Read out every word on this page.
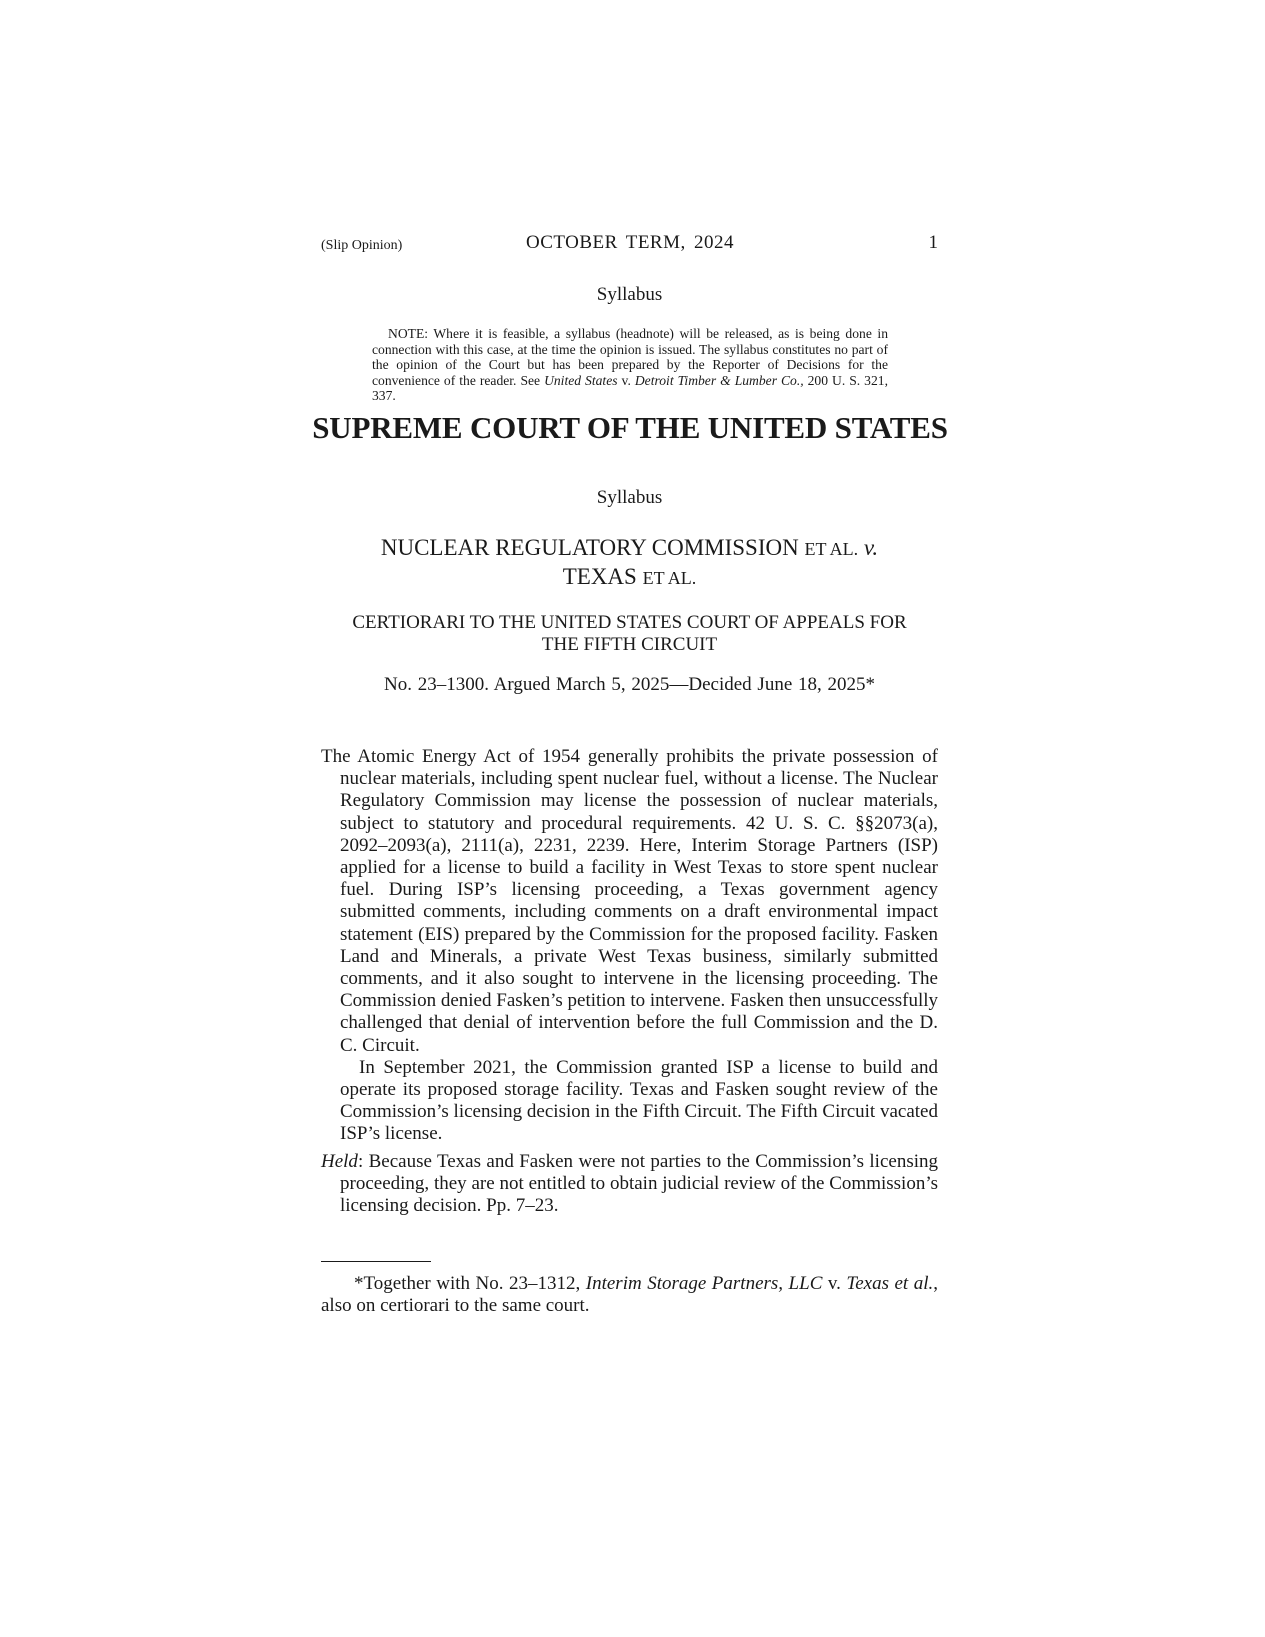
(Slip Opinion)	OCTOBER TERM, 2024	1
Syllabus
NOTE: Where it is feasible, a syllabus (headnote) will be released, as is being done in connection with this case, at the time the opinion is issued. The syllabus constitutes no part of the opinion of the Court but has been prepared by the Reporter of Decisions for the convenience of the reader. See United States v. Detroit Timber & Lumber Co., 200 U. S. 321, 337.
SUPREME COURT OF THE UNITED STATES
Syllabus
NUCLEAR REGULATORY COMMISSION ET AL. v.
TEXAS ET AL.
CERTIORARI TO THE UNITED STATES COURT OF APPEALS FOR
THE FIFTH CIRCUIT
No. 23–1300. Argued March 5, 2025—Decided June 18, 2025*

The Atomic Energy Act of 1954 generally prohibits the private possession of nuclear materials, including spent nuclear fuel, without a license. The Nuclear Regulatory Commission may license the possession of nuclear materials, subject to statutory and procedural requirements. 42 U. S. C. §§2073(a), 2092–2093(a), 2111(a), 2231, 2239. Here, Interim Storage Partners (ISP) applied for a license to build a facility in West Texas to store spent nuclear fuel. During ISP’s licensing proceeding, a Texas government agency submitted comments, including comments on a draft environmental impact statement (EIS) prepared by the Commission for the proposed facility. Fasken Land and Minerals, a private West Texas business, similarly submitted comments, and it also sought to intervene in the licensing proceeding. The Commission denied Fasken’s petition to intervene. Fasken then unsuccessfully challenged that denial of intervention before the full Commission and the D. C. Circuit.

In September 2021, the Commission granted ISP a license to build and operate its proposed storage facility. Texas and Fasken sought review of the Commission’s licensing decision in the Fifth Circuit. The Fifth Circuit vacated ISP’s license.

Held: Because Texas and Fasken were not parties to the Commission’s licensing proceeding, they are not entitled to obtain judicial review of the Commission’s licensing decision. Pp. 7–23.

*Together with No. 23–1312, Interim Storage Partners, LLC v. Texas et al., also on certiorari to the same court.
